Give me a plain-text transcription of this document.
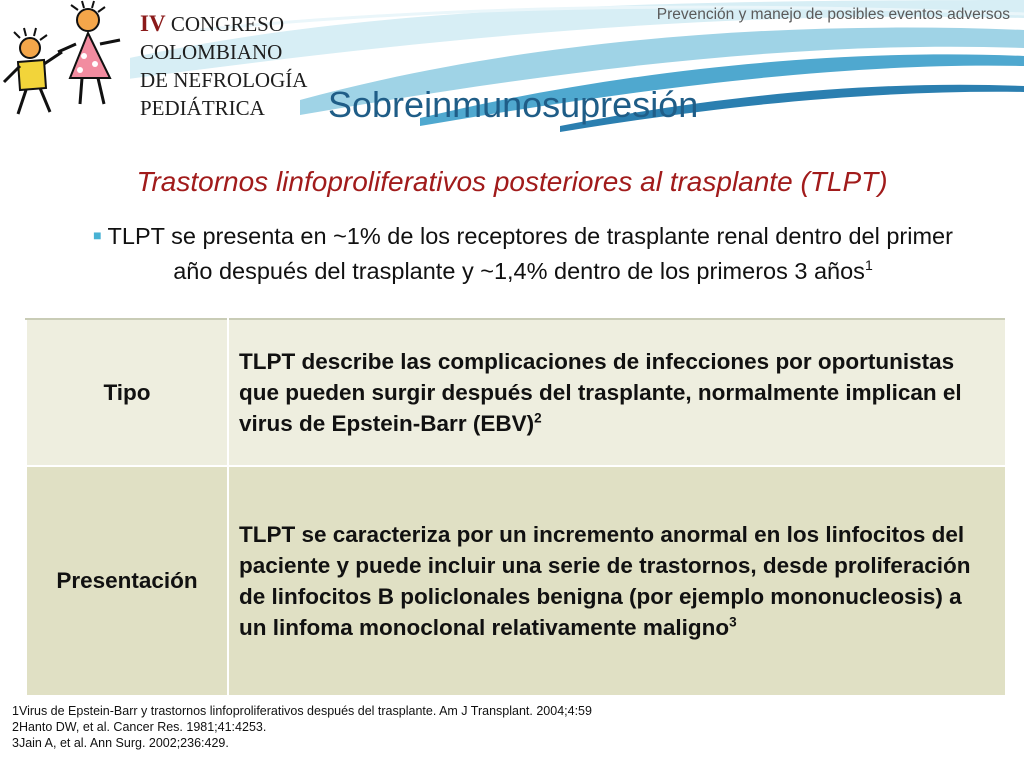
IV CONGRESO
COLOMBIANO
DE NEFROLOGÍA
PEDIÁTRICA
Prevención y manejo de posibles eventos adversos
Sobreinmunosupresión
Trastornos linfoproliferativos posteriores al trasplante (TLPT)
■ TLPT se presenta en ~1% de los receptores de trasplante renal dentro del primer año después del trasplante y ~1,4% dentro de los primeros 3 años$^1$
Tipo	TLPT describe las complicaciones de infecciones por oportunistas que pueden surgir después del trasplante, normalmente implican el virus de Epstein-Barr (EBV)$^2$
Presentación	TLPT se caracteriza por un incremento anormal en los linfocitos del paciente y puede incluir una serie de trastornos, desde proliferación de linfocitos B policlonales benigna (por ejemplo mononucleosis) a un linfoma monoclonal relativamente maligno$^3$
1Virus de Epstein-Barr y trastornos linfoproliferativos después del trasplante. Am J Transplant. 2004;4:59
2Hanto DW, et al. Cancer Res. 1981;41:4253.
3Jain A, et al. Ann Surg. 2002;236:429.
